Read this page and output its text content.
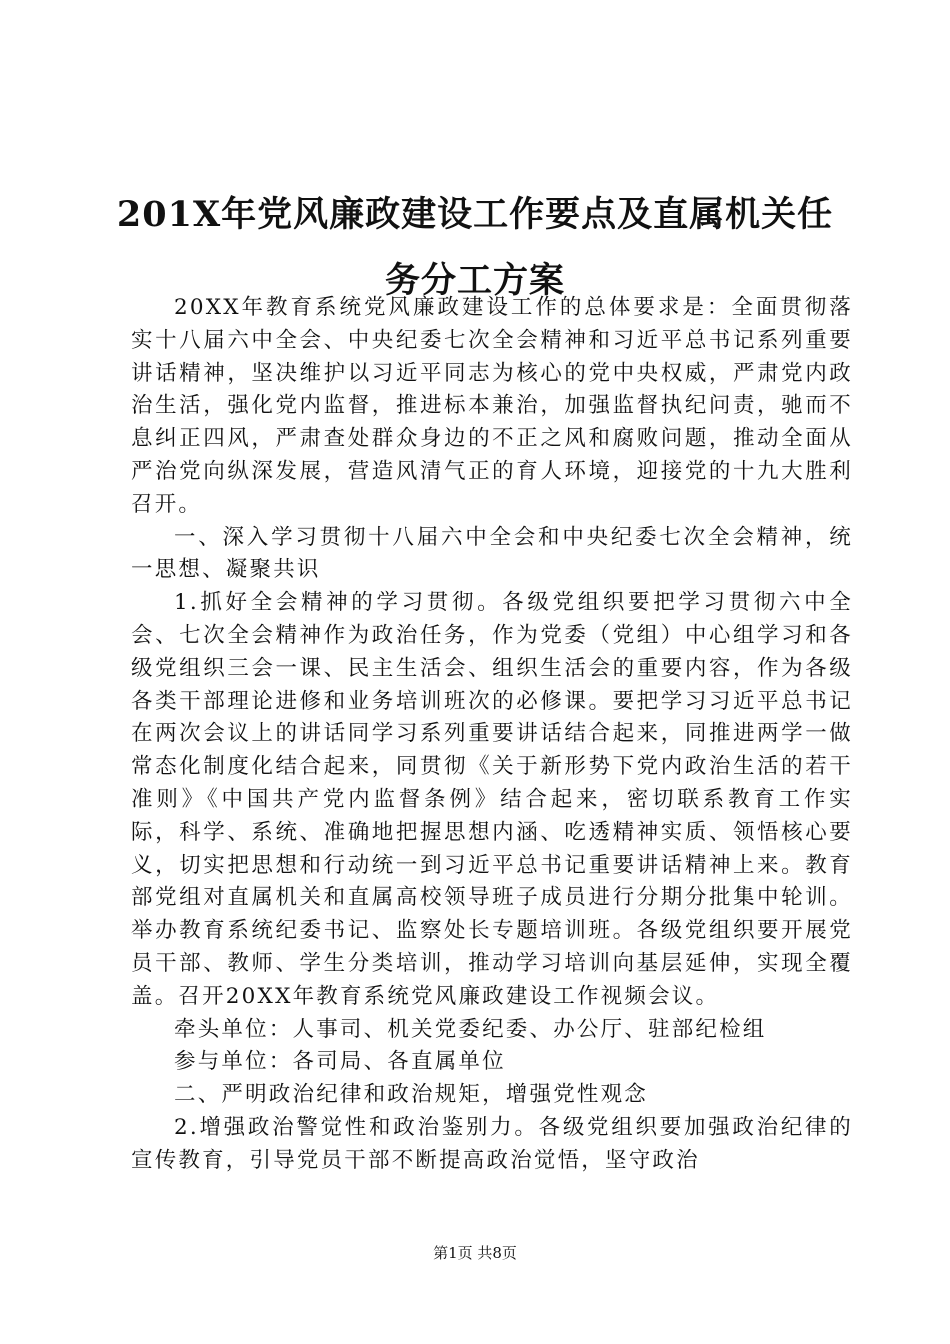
201X年党风廉政建设工作要点及直属机关任
务分工方案

20XX年教育系统党风廉政建设工作的总体要求是：全面贯彻落实十八届六中全会、中央纪委七次全会精神和习近平总书记系列重要讲话精神，坚决维护以习近平同志为核心的党中央权威，严肃党内政治生活，强化党内监督，推进标本兼治，加强监督执纪问责，驰而不息纠正四风，严肃查处群众身边的不正之风和腐败问题，推动全面从严治党向纵深发展，营造风清气正的育人环境，迎接党的十九大胜利召开。

一、深入学习贯彻十八届六中全会和中央纪委七次全会精神，统一思想、凝聚共识

1.抓好全会精神的学习贯彻。各级党组织要把学习贯彻六中全会、七次全会精神作为政治任务，作为党委（党组）中心组学习和各级党组织三会一课、民主生活会、组织生活会的重要内容，作为各级各类干部理论进修和业务培训班次的必修课。要把学习习近平总书记在两次会议上的讲话同学习系列重要讲话结合起来，同推进两学一做常态化制度化结合起来，同贯彻《关于新形势下党内政治生活的若干准则》《中国共产党内监督条例》结合起来，密切联系教育工作实际，科学、系统、准确地把握思想内涵、吃透精神实质、领悟核心要义，切实把思想和行动统一到习近平总书记重要讲话精神上来。教育部党组对直属机关和直属高校领导班子成员进行分期分批集中轮训。举办教育系统纪委书记、监察处长专题培训班。各级党组织要开展党员干部、教师、学生分类培训，推动学习培训向基层延伸，实现全覆盖。召开20XX年教育系统党风廉政建设工作视频会议。

牵头单位：人事司、机关党委纪委、办公厅、驻部纪检组

参与单位：各司局、各直属单位

二、严明政治纪律和政治规矩，增强党性观念

2.增强政治警觉性和政治鉴别力。各级党组织要加强政治纪律的宣传教育，引导党员干部不断提高政治觉悟，坚守政治

第1页 共8页
